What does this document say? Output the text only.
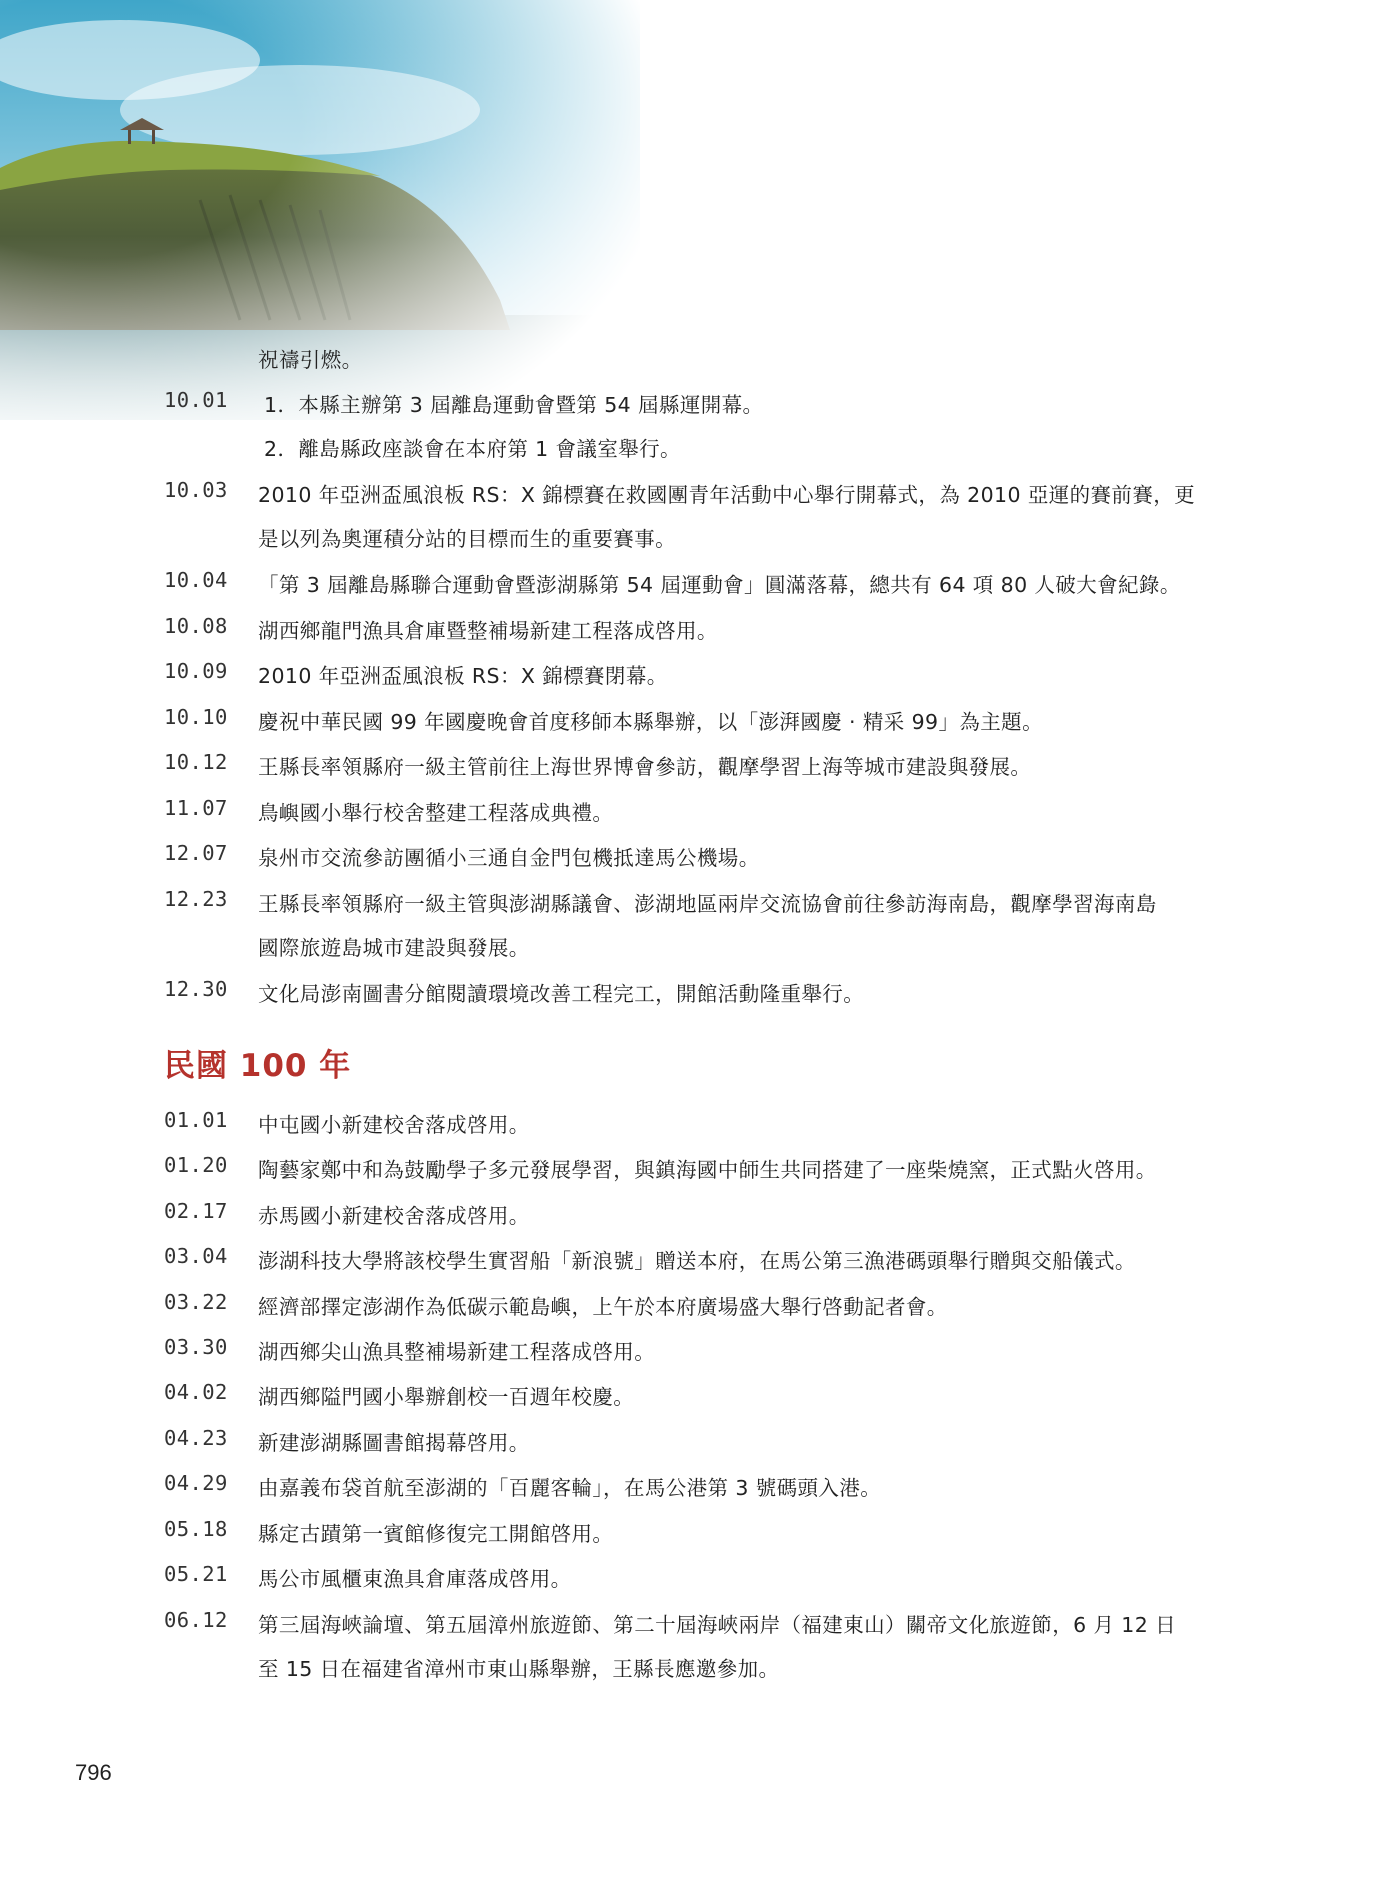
祝禱引燃。
10.01	1．本縣主辦第 3 屆離島運動會暨第 54 屆縣運開幕。
2．離島縣政座談會在本府第 1 會議室舉行。
10.03	2010 年亞洲盃風浪板 RS：X 錦標賽在救國團青年活動中心舉行開幕式，為 2010 亞運的賽前賽，更
是以列為奧運積分站的目標而生的重要賽事。
10.04	「第 3 屆離島縣聯合運動會暨澎湖縣第 54 屆運動會」圓滿落幕，總共有 64 項 80 人破大會紀錄。
10.08	湖西鄉龍門漁具倉庫暨整補場新建工程落成啓用。
10.09	2010 年亞洲盃風浪板 RS：X 錦標賽閉幕。
10.10	慶祝中華民國 99 年國慶晚會首度移師本縣舉辦，以「澎湃國慶 ‧ 精采 99」為主題。
10.12	王縣長率領縣府一級主管前往上海世界博會參訪，觀摩學習上海等城市建設與發展。
11.07	鳥嶼國小舉行校舍整建工程落成典禮。
12.07	泉州市交流參訪團循小三通自金門包機抵達馬公機場。
12.23	王縣長率領縣府一級主管與澎湖縣議會、澎湖地區兩岸交流協會前往參訪海南島，觀摩學習海南島
國際旅遊島城市建設與發展。
12.30	文化局澎南圖書分館閱讀環境改善工程完工，開館活動隆重舉行。
民國 100 年
01.01	中屯國小新建校舍落成啓用。
01.20	陶藝家鄭中和為鼓勵學子多元發展學習，與鎮海國中師生共同搭建了一座柴燒窯，正式點火啓用。
02.17	赤馬國小新建校舍落成啓用。
03.04	澎湖科技大學將該校學生實習船「新浪號」贈送本府，在馬公第三漁港碼頭舉行贈與交船儀式。
03.22	經濟部擇定澎湖作為低碳示範島嶼，上午於本府廣場盛大舉行啓動記者會。
03.30	湖西鄉尖山漁具整補場新建工程落成啓用。
04.02	湖西鄉隘門國小舉辦創校一百週年校慶。
04.23	新建澎湖縣圖書館揭幕啓用。
04.29	由嘉義布袋首航至澎湖的「百麗客輪」，在馬公港第 3 號碼頭入港。
05.18	縣定古蹟第一賓館修復完工開館啓用。
05.21	馬公市風櫃東漁具倉庫落成啓用。
06.12	第三屆海峽論壇、第五屆漳州旅遊節、第二十屆海峽兩岸（福建東山）關帝文化旅遊節，6 月 12 日
至 15 日在福建省漳州市東山縣舉辦，王縣長應邀參加。
796
